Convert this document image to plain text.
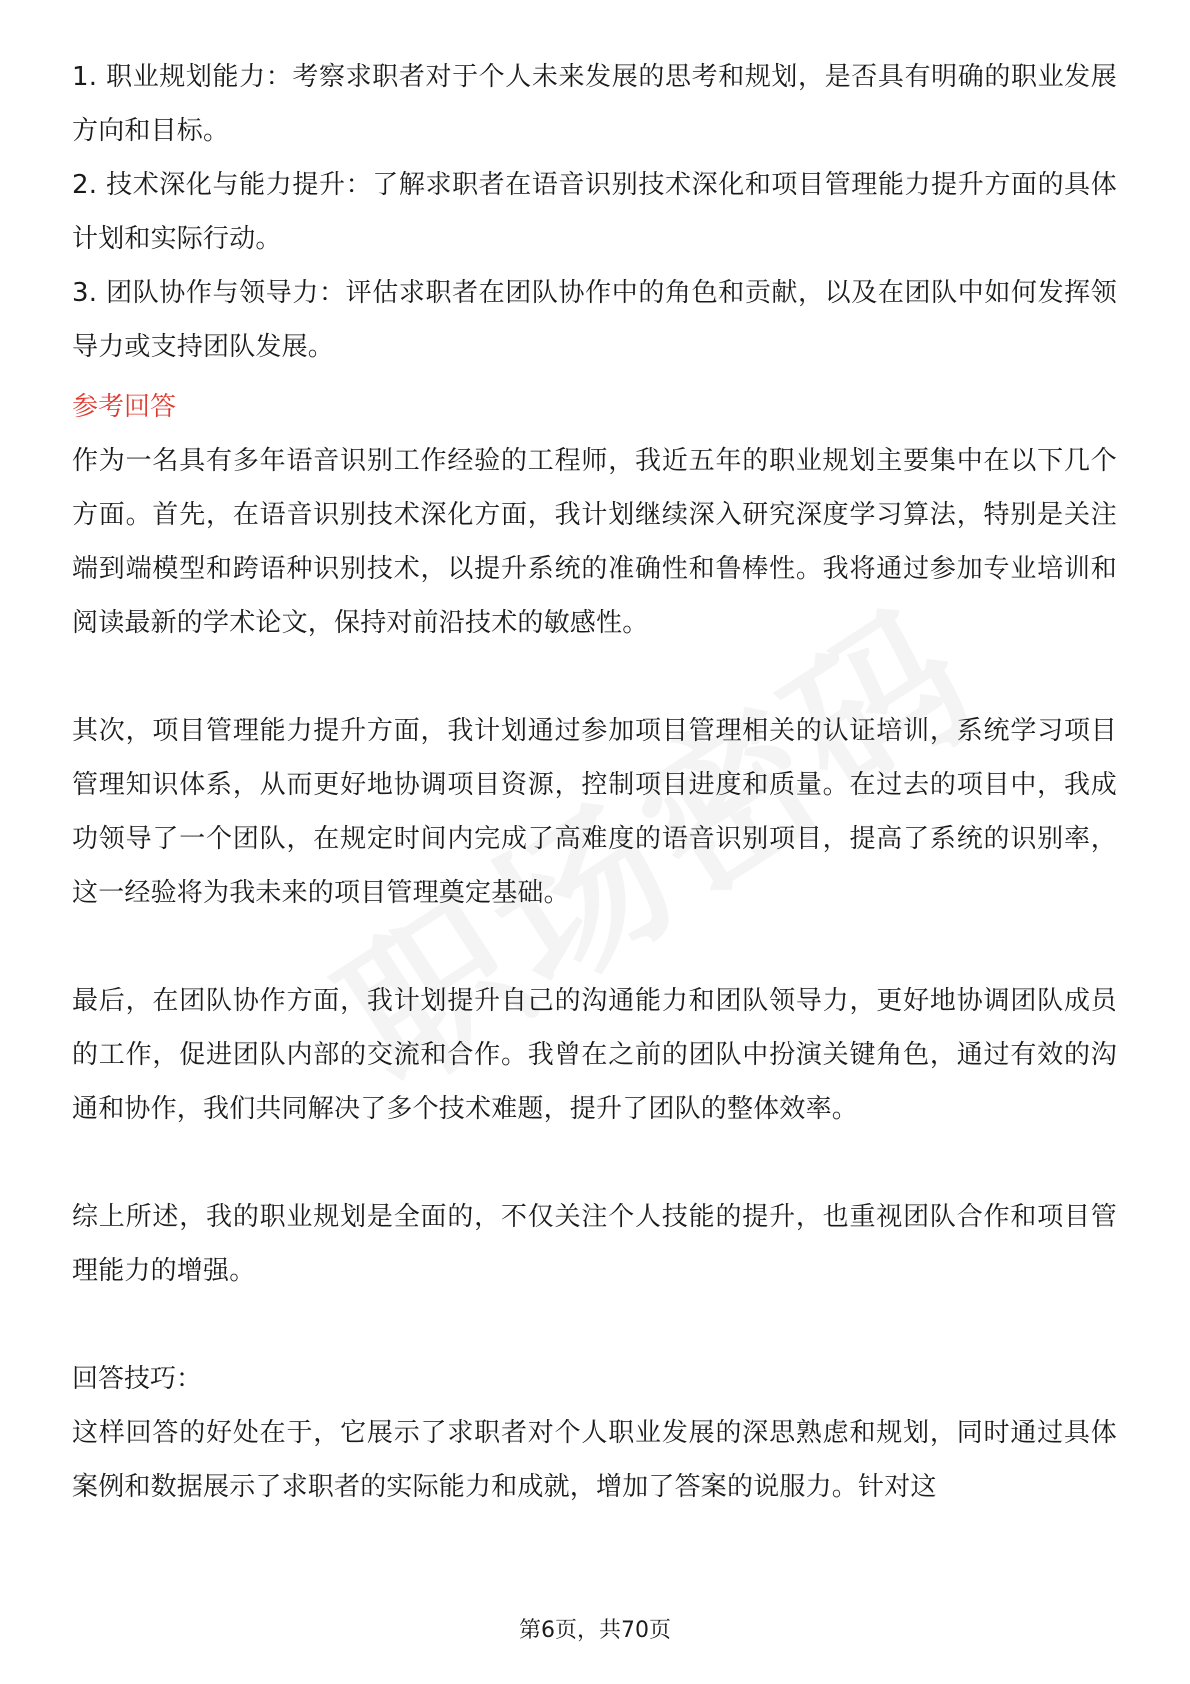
1. 职业规划能力：考察求职者对于个人未来发展的思考和规划，是否具有明确的职业发展方向和目标。

2. 技术深化与能力提升：了解求职者在语音识别技术深化和项目管理能力提升方面的具体计划和实际行动。

3. 团队协作与领导力：评估求职者在团队协作中的角色和贡献，以及在团队中如何发挥领导力或支持团队发展。

参考回答

作为一名具有多年语音识别工作经验的工程师，我近五年的职业规划主要集中在以下几个方面。首先，在语音识别技术深化方面，我计划继续深入研究深度学习算法，特别是关注端到端模型和跨语种识别技术，以提升系统的准确性和鲁棒性。我将通过参加专业培训和阅读最新的学术论文，保持对前沿技术的敏感性。

其次，项目管理能力提升方面，我计划通过参加项目管理相关的认证培训，系统学习项目管理知识体系，从而更好地协调项目资源，控制项目进度和质量。在过去的项目中，我成功领导了一个团队，在规定时间内完成了高难度的语音识别项目，提高了系统的识别率，这一经验将为我未来的项目管理奠定基础。

最后，在团队协作方面，我计划提升自己的沟通能力和团队领导力，更好地协调团队成员的工作，促进团队内部的交流和合作。我曾在之前的团队中扮演关键角色，通过有效的沟通和协作，我们共同解决了多个技术难题，提升了团队的整体效率。

综上所述，我的职业规划是全面的，不仅关注个人技能的提升，也重视团队合作和项目管理能力的增强。

回答技巧：

这样回答的好处在于，它展示了求职者对个人职业发展的深思熟虑和规划，同时通过具体案例和数据展示了求职者的实际能力和成就，增加了答案的说服力。针对这

第6页，共70页
